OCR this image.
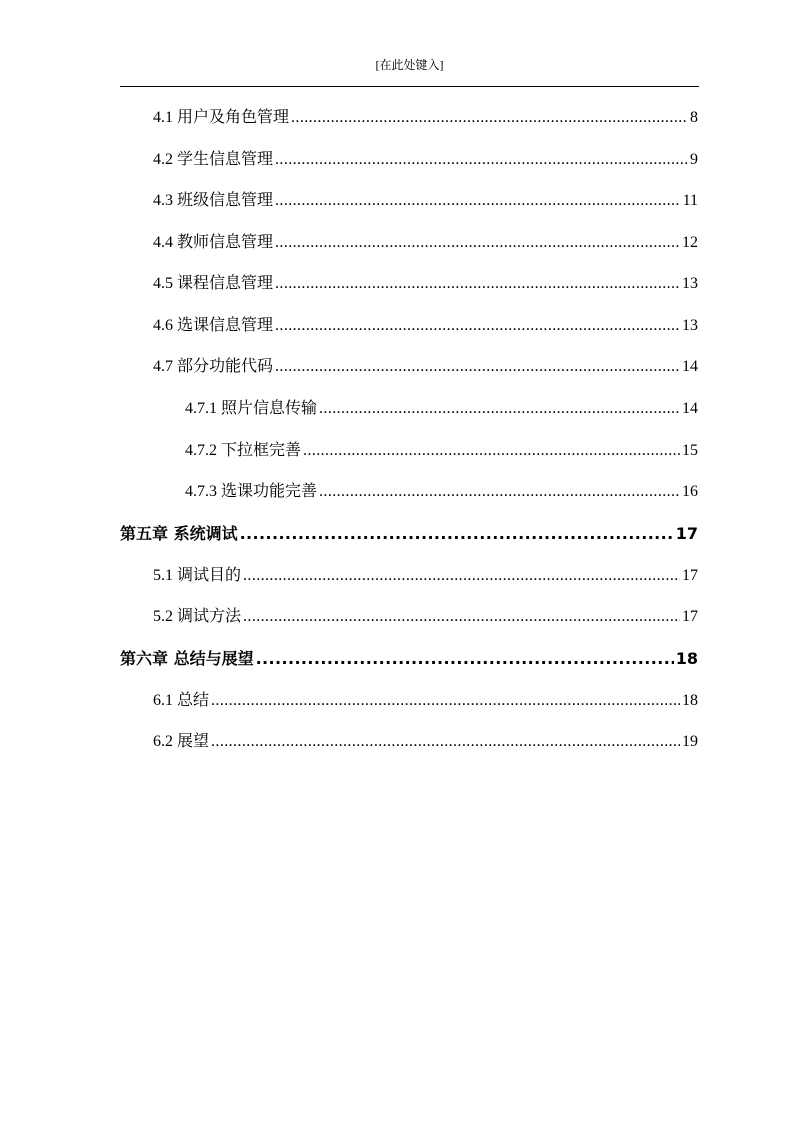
[在此处键入]
4.1 用户及角色管理 .....	8
4.2 学生信息管理 .....	9
4.3 班级信息管理 .....	11
4.4 教师信息管理 .....	12
4.5 课程信息管理 .....	13
4.6 选课信息管理 .....	13
4.7 部分功能代码 .....	14
4.7.1 照片信息传输 .....	14
4.7.2 下拉框完善 .....	15
4.7.3 选课功能完善 .....	16
第五章 系统调试 .....	17
5.1 调试目的 .....	17
5.2 调试方法 .....	17
第六章 总结与展望 .....	18
6.1 总结 .....	18
6.2 展望 .....	19
